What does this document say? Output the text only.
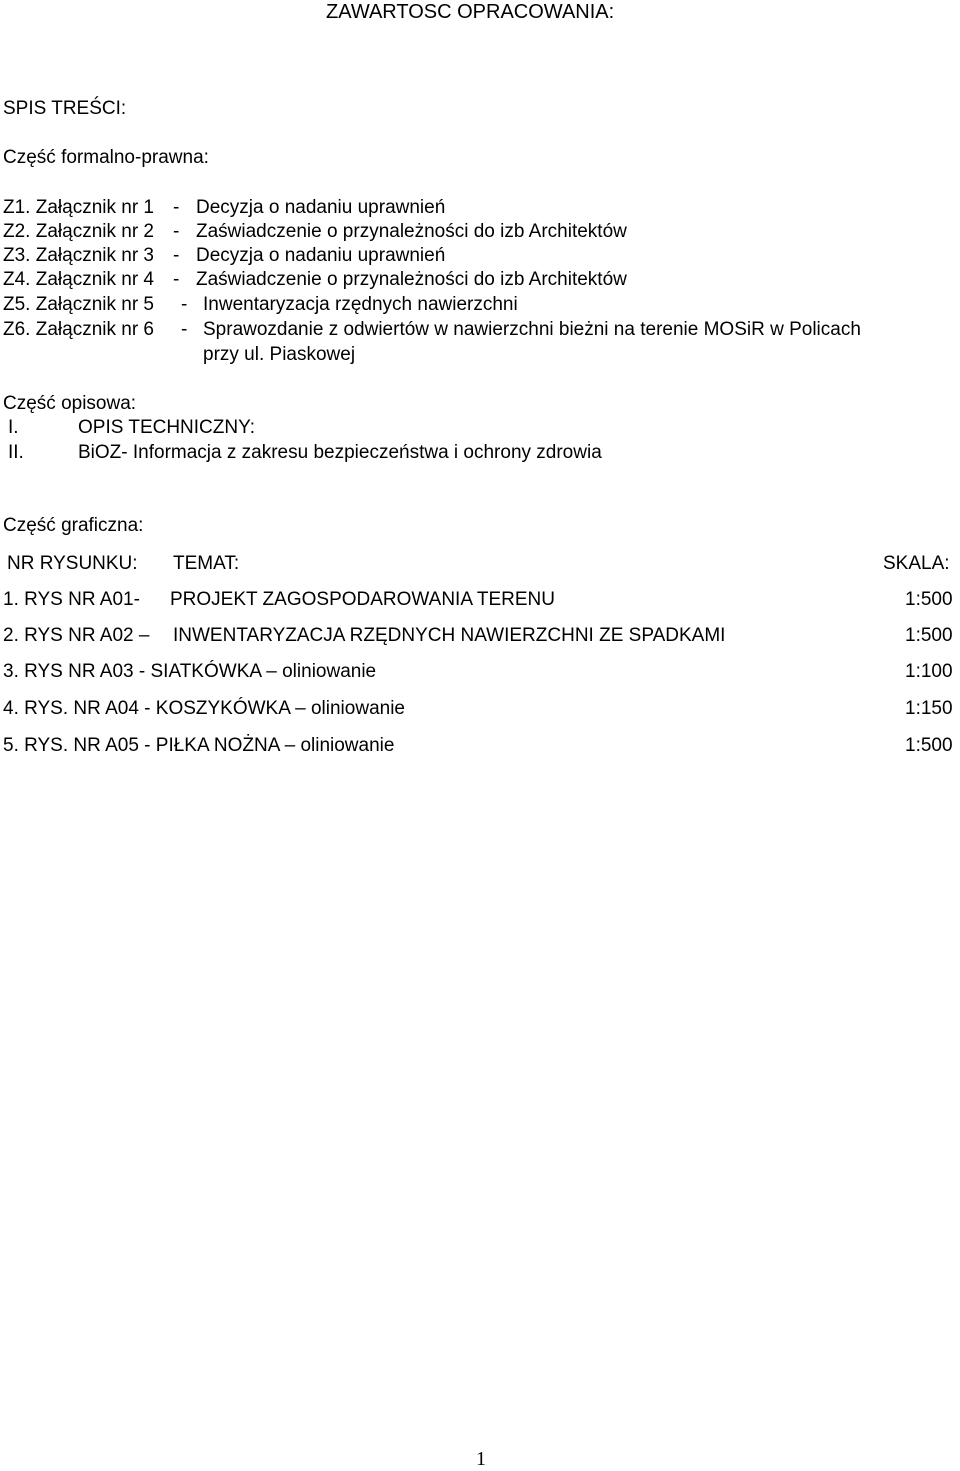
ZAWARTOSC OPRACOWANIA:
SPIS TREŚCI:
Część formalno-prawna:
Z1. Załącznik nr 1 - Decyzja o nadaniu uprawnień
Z2. Załącznik nr 2 - Zaświadczenie o przynależności do izb Architektów
Z3. Załącznik nr 3 - Decyzja o nadaniu uprawnień
Z4. Załącznik nr 4 - Zaświadczenie o przynależności do izb Architektów
Z5. Załącznik nr 5 - Inwentaryzacja rzędnych nawierzchni
Z6. Załącznik nr 6 - Sprawozdanie z odwiertów w nawierzchni bieżni na terenie MOSiR w Policach
przy ul. Piaskowej
Część opisowa:
I.	OPIS TECHNICZNY:
II.	BiOZ- Informacja z zakresu bezpieczeństwa i ochrony zdrowia
Część graficzna:
NR RYSUNKU: TEMAT:	SKALA:
1. RYS NR A01- PROJEKT ZAGOSPODAROWANIA TERENU	1:500
2. RYS NR A02 – INWENTARYZACJA RZĘDNYCH NAWIERZCHNI ZE SPADKAMI	1:500
3. RYS NR A03 - SIATKÓWKA – oliniowanie	1:100
4. RYS. NR A04 - KOSZYKÓWKA – oliniowanie	1:150
5. RYS. NR A05 - PIŁKA NOŻNA – oliniowanie	1:500
1
